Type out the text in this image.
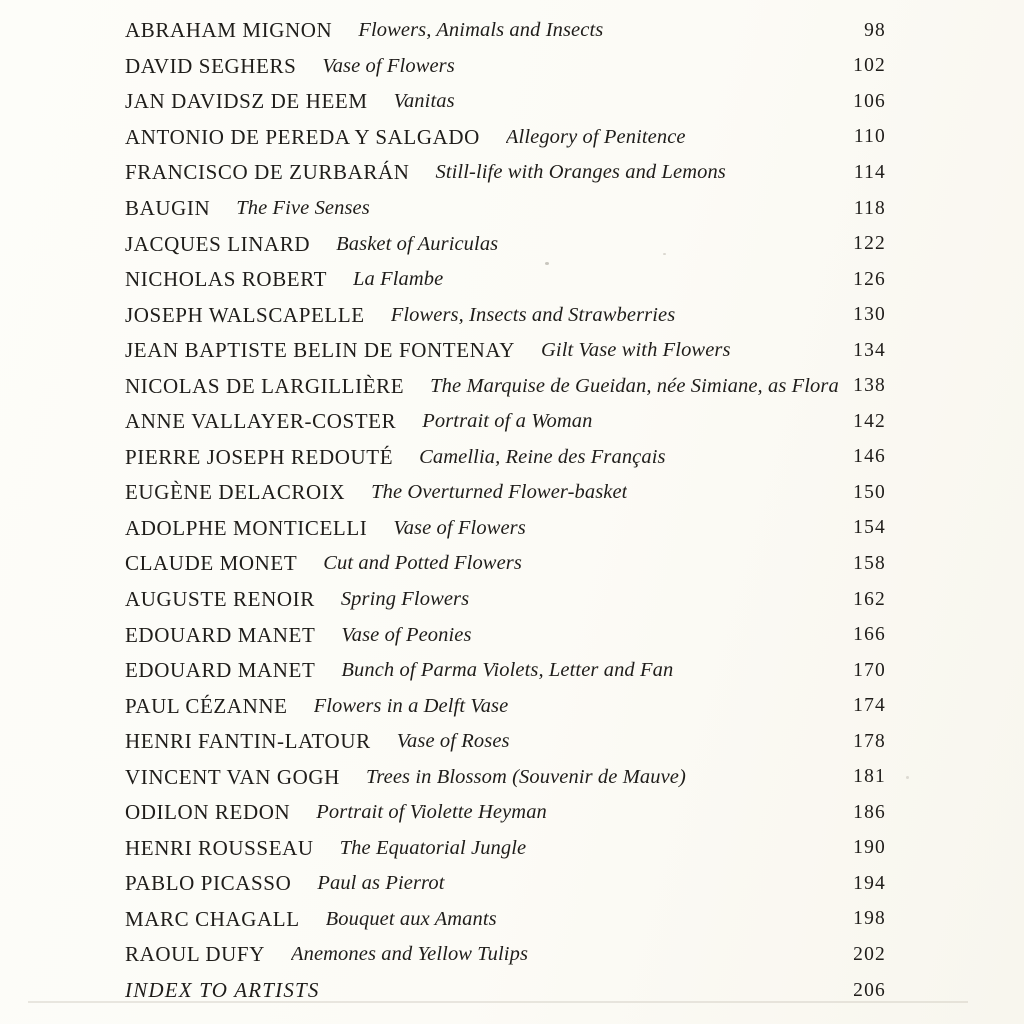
ABRAHAM MIGNON Flowers, Animals and Insects	98
DAVID SEGHERS Vase of Flowers	102
JAN DAVIDSZ DE HEEM Vanitas	106
ANTONIO DE PEREDA Y SALGADO Allegory of Penitence	110
FRANCISCO DE ZURBARÁN Still-life with Oranges and Lemons	114
BAUGIN The Five Senses	118
JACQUES LINARD Basket of Auriculas	122
NICHOLAS ROBERT La Flambe	126
JOSEPH WALSCAPELLE Flowers, Insects and Strawberries	130
JEAN BAPTISTE BELIN DE FONTENAY Gilt Vase with Flowers	134
NICOLAS DE LARGILLIÈRE The Marquise de Gueidan, née Simiane, as Flora 138
ANNE VALLAYER-COSTER Portrait of a Woman	142
PIERRE JOSEPH REDOUTÉ Camellia, Reine des Français	146
EUGÈNE DELACROIX The Overturned Flower-basket	150
ADOLPHE MONTICELLI Vase of Flowers	154
CLAUDE MONET Cut and Potted Flowers	158
AUGUSTE RENOIR Spring Flowers	162
EDOUARD MANET Vase of Peonies	166
EDOUARD MANET Bunch of Parma Violets, Letter and Fan	170
PAUL CÉZANNE Flowers in a Delft Vase	174
HENRI FANTIN-LATOUR Vase of Roses	178
VINCENT VAN GOGH Trees in Blossom (Souvenir de Mauve)	181
ODILON REDON Portrait of Violette Heyman	186
HENRI ROUSSEAU The Equatorial Jungle	190
PABLO PICASSO Paul as Pierrot	194
MARC CHAGALL Bouquet aux Amants	198
RAOUL DUFY Anemones and Yellow Tulips	202
INDEX TO ARTISTS	206
